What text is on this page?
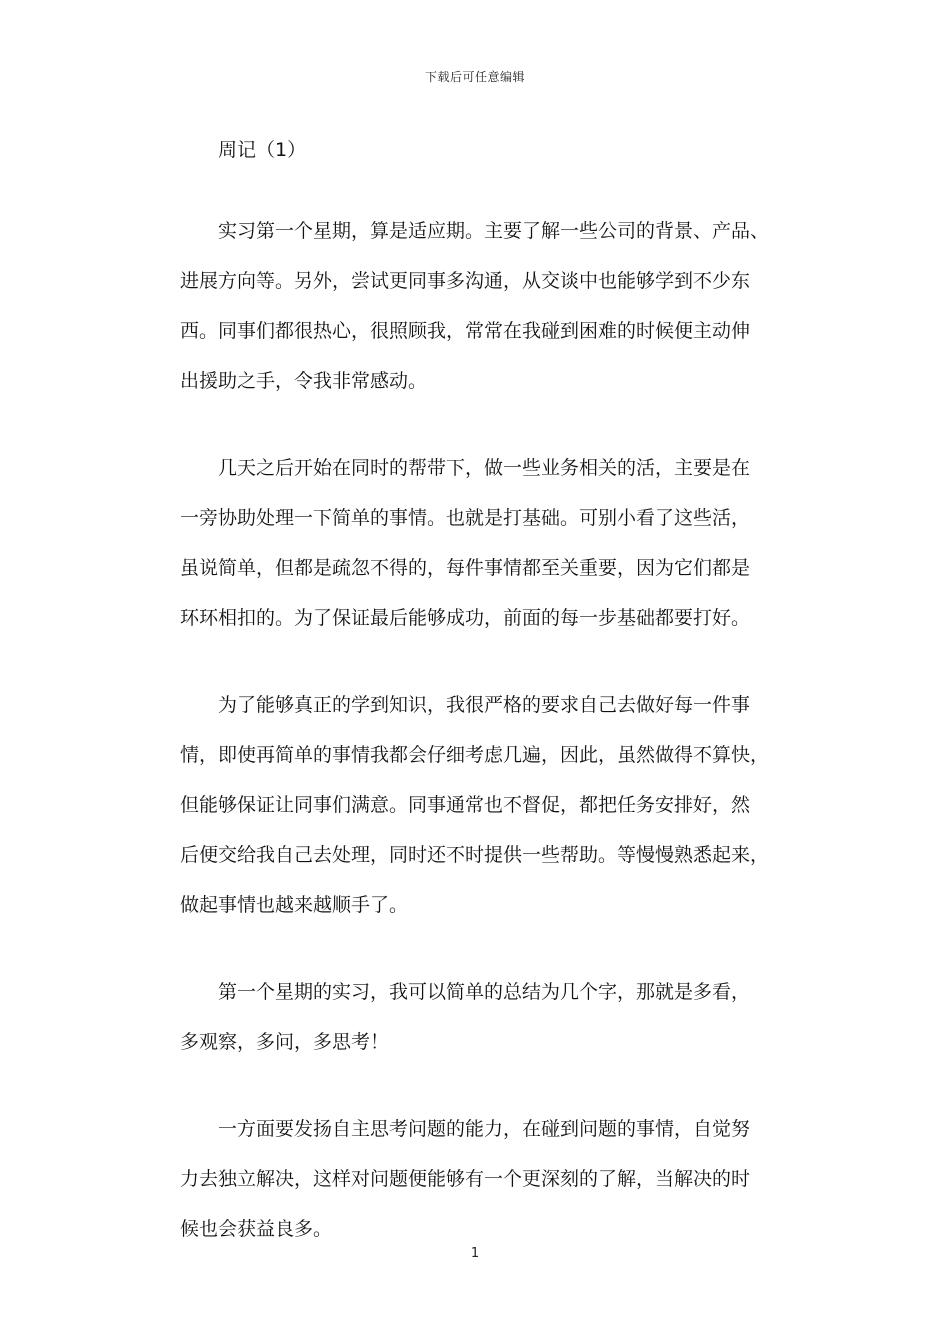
下载后可任意编辑

周记（1）

实习第一个星期，算是适应期。主要了解一些公司的背景、产品、
进展方向等。另外，尝试更同事多沟通，从交谈中也能够学到不少东
西。同事们都很热心，很照顾我，常常在我碰到困难的时候便主动伸
出援助之手，令我非常感动。
几天之后开始在同时的帮带下，做一些业务相关的活，主要是在
一旁协助处理一下简单的事情。也就是打基础。可别小看了这些活，
虽说简单，但都是疏忽不得的，每件事情都至关重要，因为它们都是
环环相扣的。为了保证最后能够成功，前面的每一步基础都要打好。
为了能够真正的学到知识，我很严格的要求自己去做好每一件事
情，即使再简单的事情我都会仔细考虑几遍，因此，虽然做得不算快，
但能够保证让同事们满意。同事通常也不督促，都把任务安排好，然
后便交给我自己去处理，同时还不时提供一些帮助。等慢慢熟悉起来，
做起事情也越来越顺手了。
第一个星期的实习，我可以简单的总结为几个字，那就是多看，
多观察，多问，多思考！
一方面要发扬自主思考问题的能力，在碰到问题的事情，自觉努
力去独立解决，这样对问题便能够有一个更深刻的了解，当解决的时
候也会获益良多。
1
